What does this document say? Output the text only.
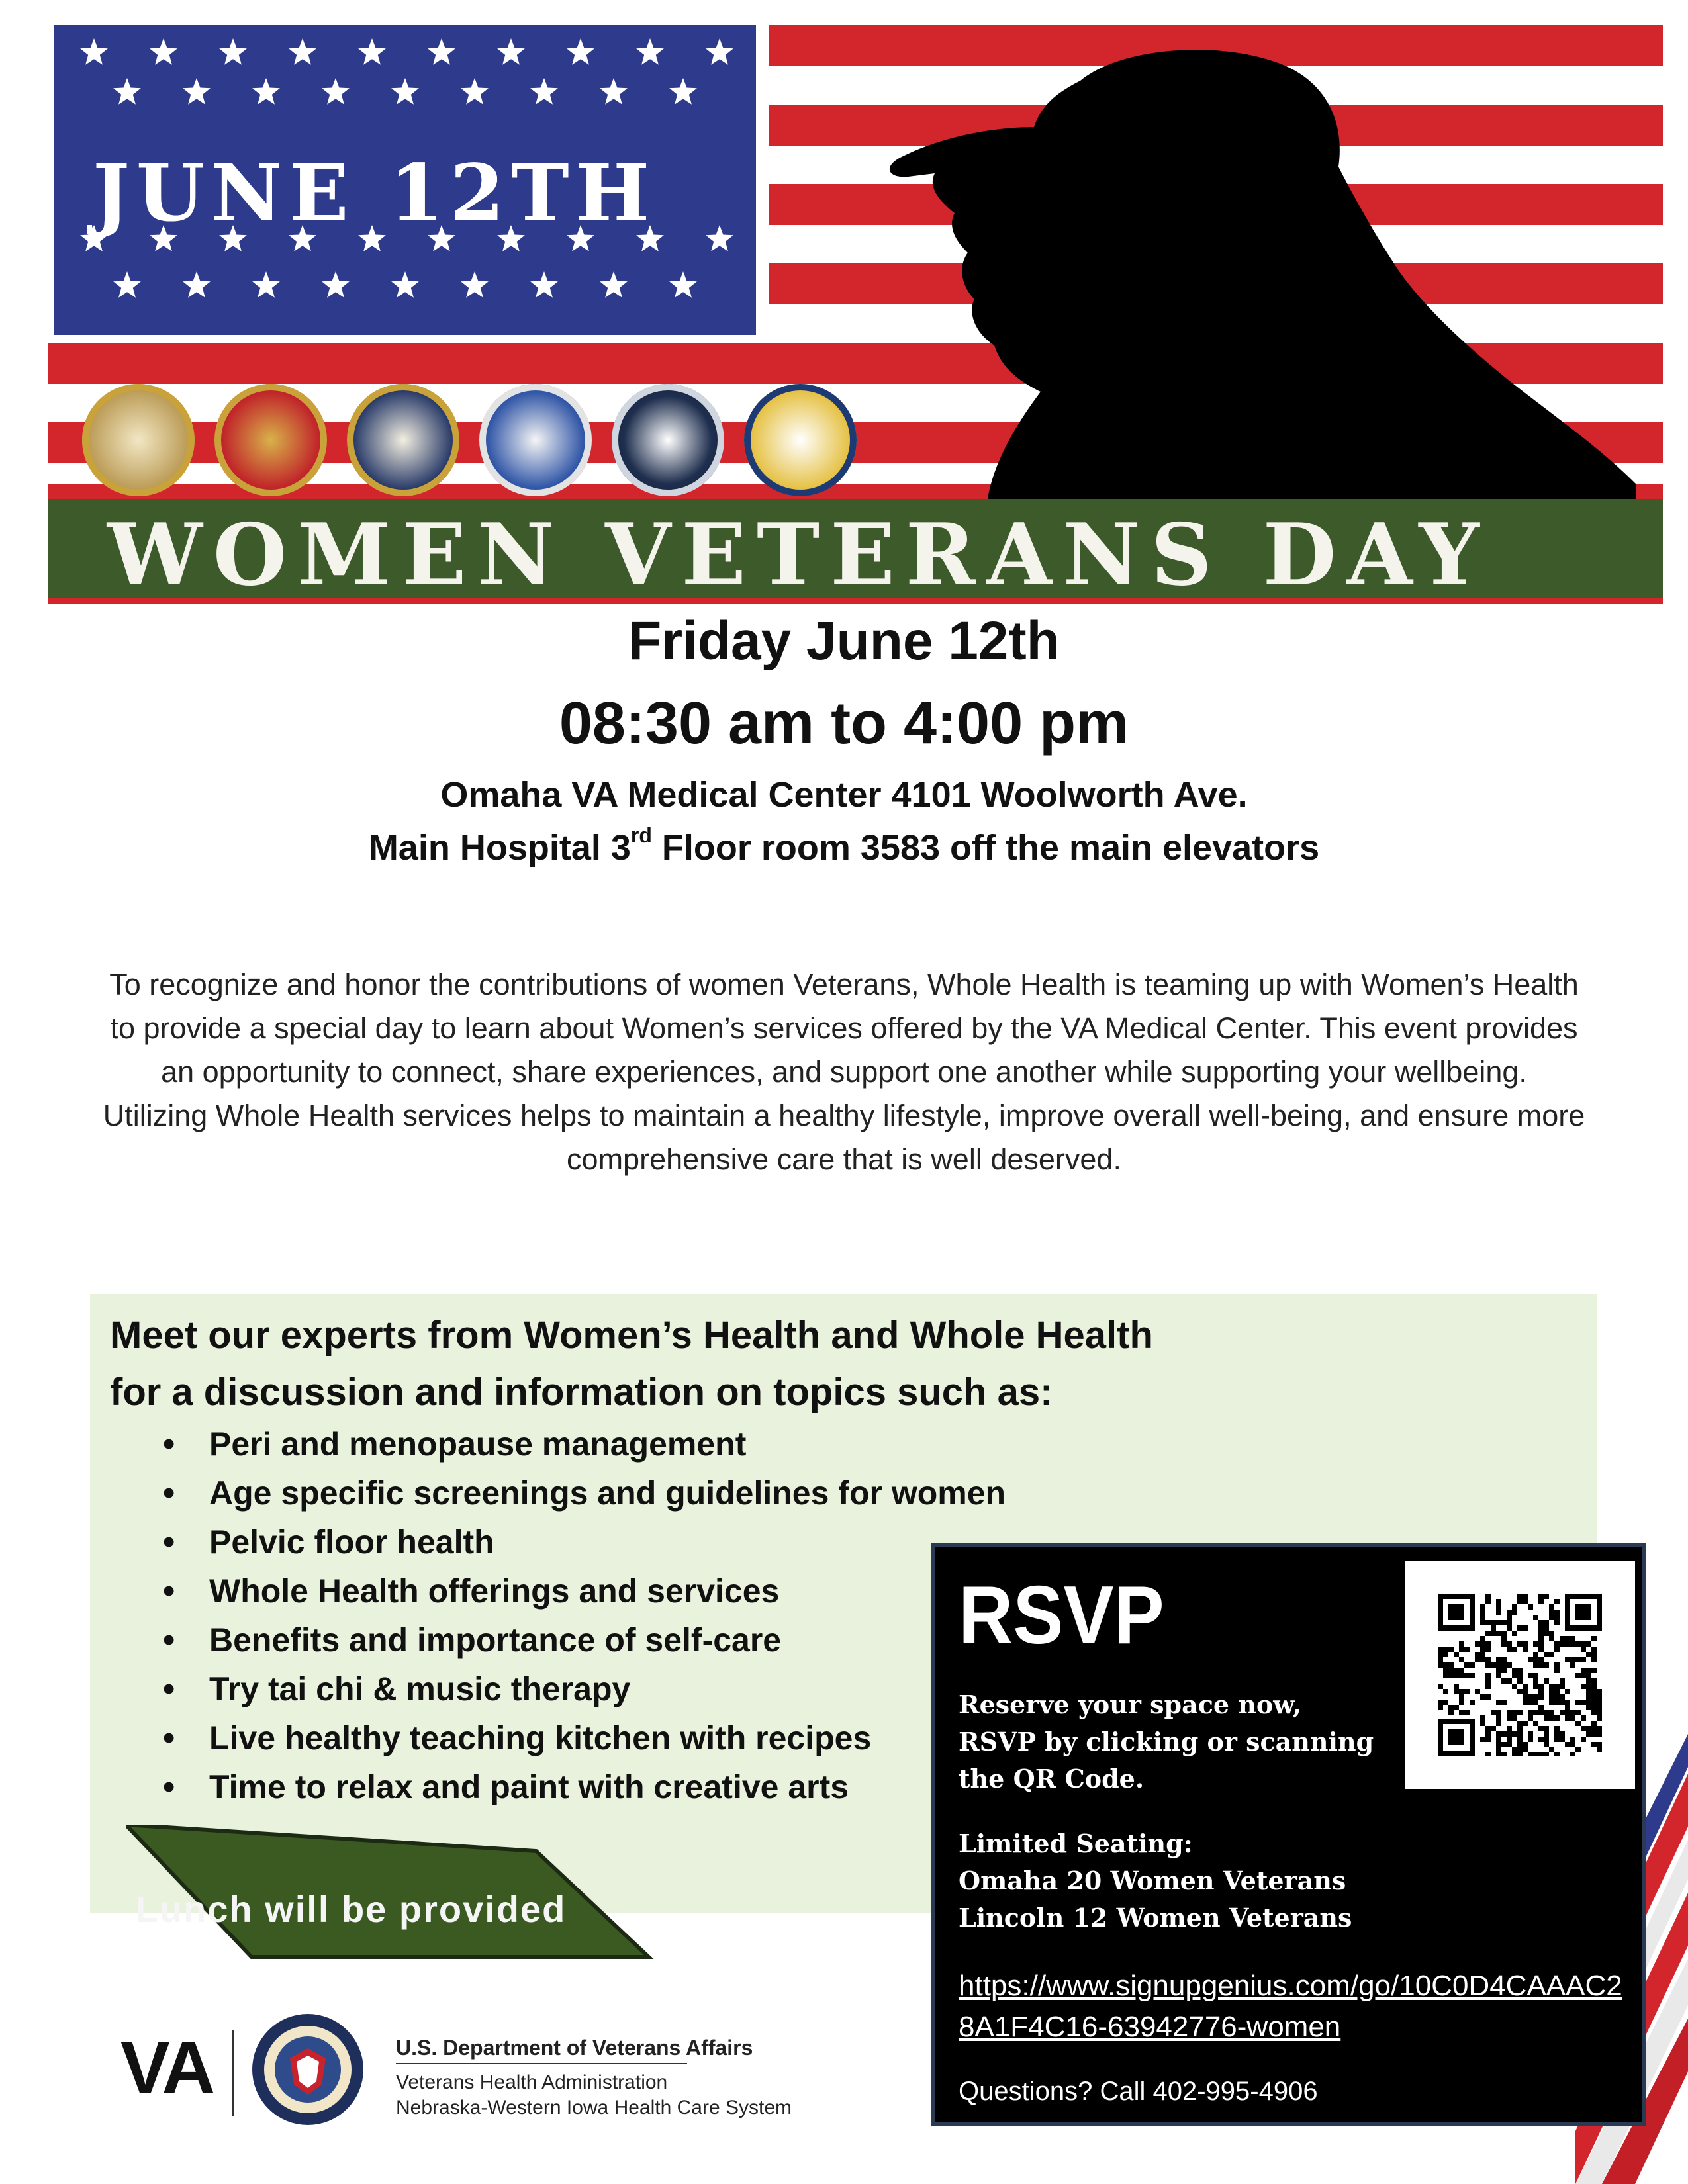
JUNE 12TH
WOMEN VETERANS DAY
Friday June 12th
08:30 am to 4:00 pm
Omaha VA Medical Center 4101 Woolworth Ave.
Main Hospital 3rd Floor room 3583 off the main elevators

To recognize and honor the contributions of women Veterans, Whole Health is teaming up with Women’s Health to provide a special day to learn about Women’s services offered by the VA Medical Center. This event provides an opportunity to connect, share experiences, and support one another while supporting your wellbeing.

Utilizing Whole Health services helps to maintain a healthy lifestyle, improve overall well-being, and ensure more comprehensive care that is well deserved.

Meet our experts from Women’s Health and Whole Health
for a discussion and information on topics such as:
• Peri and menopause management
• Age specific screenings and guidelines for women
• Pelvic floor health
• Whole Health offerings and services
• Benefits and importance of self-care
• Try tai chi & music therapy
• Live healthy teaching kitchen with recipes
• Time to relax and paint with creative arts
Lunch will be provided
VA	U.S. Department of Veterans Affairs
Veterans Health Administration
Nebraska-Western Iowa Health Care System
RSVP
Reserve your space now,
RSVP by clicking or scanning
the QR Code.
Limited Seating:
Omaha 20 Women Veterans
Lincoln 12 Women Veterans
https://www.signupgenius.com/go/10C0D4CAAAC28A1F4C16-63942776-women
Questions? Call 402-995-4906
